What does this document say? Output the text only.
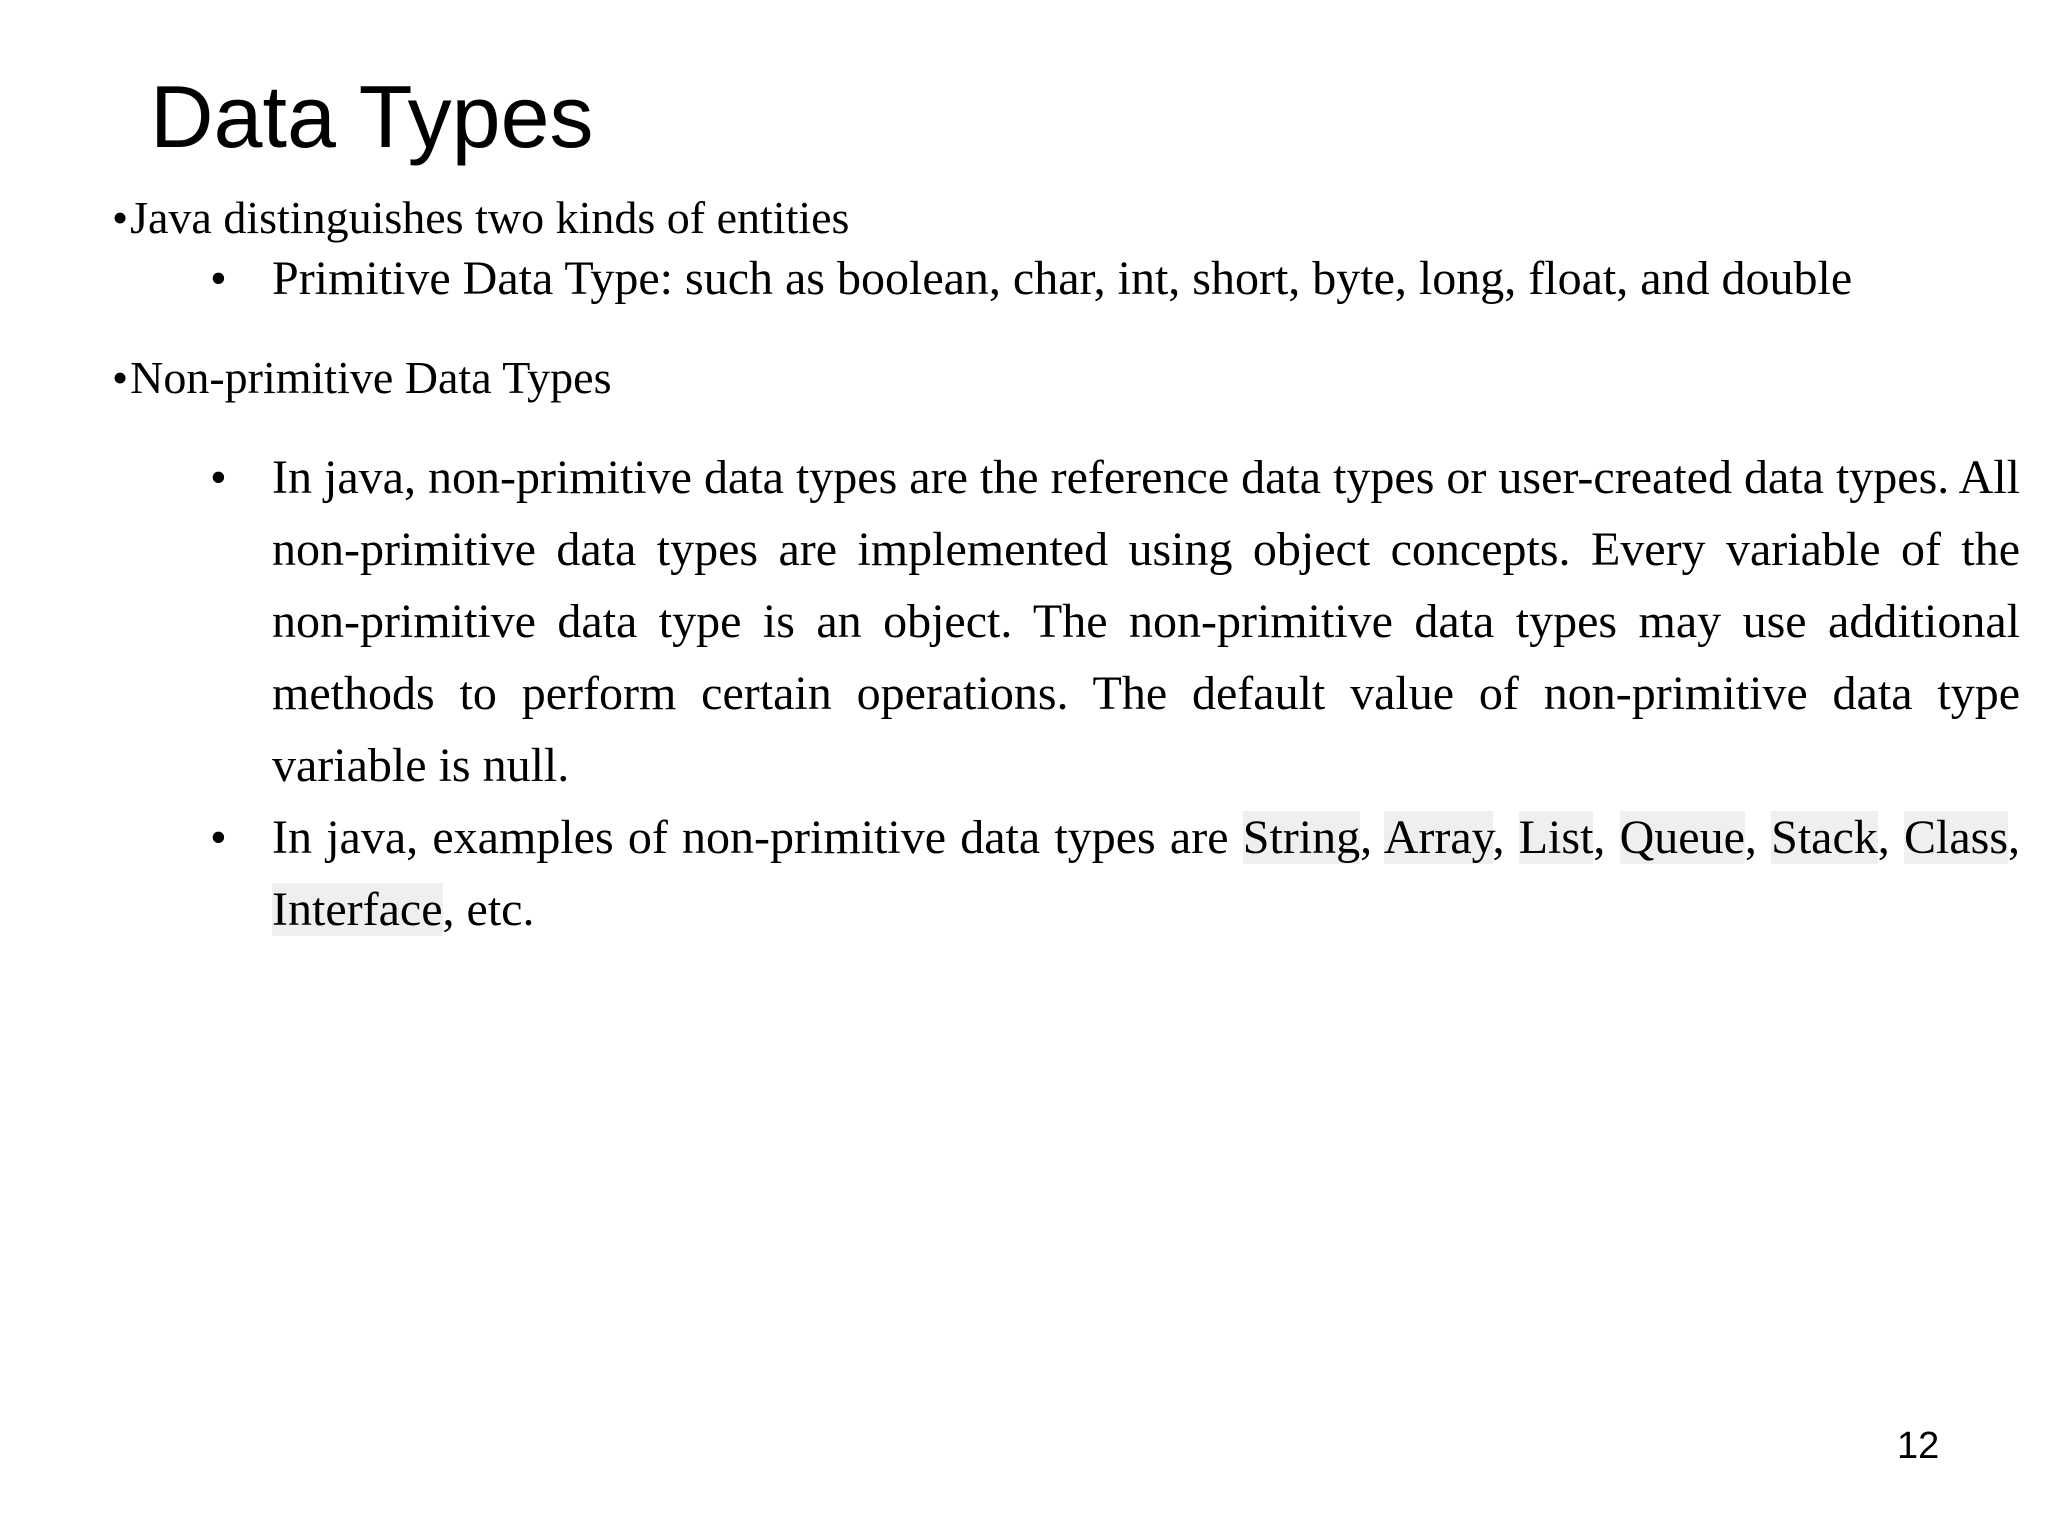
Data Types
•Java distinguishes two kinds of entities
• Primitive Data Type: such as boolean, char, int, short, byte, long, float, and double
•Non-primitive Data Types
• In java, non-primitive data types are the reference data types or user-created data types. All non-primitive data types are implemented using object concepts. Every variable of the non-primitive data type is an object. The non-primitive data types may use additional methods to perform certain operations. The default value of non-primitive data type variable is null.
• In java, examples of non-primitive data types are String, Array, List, Queue, Stack, Class, Interface, etc.
12
